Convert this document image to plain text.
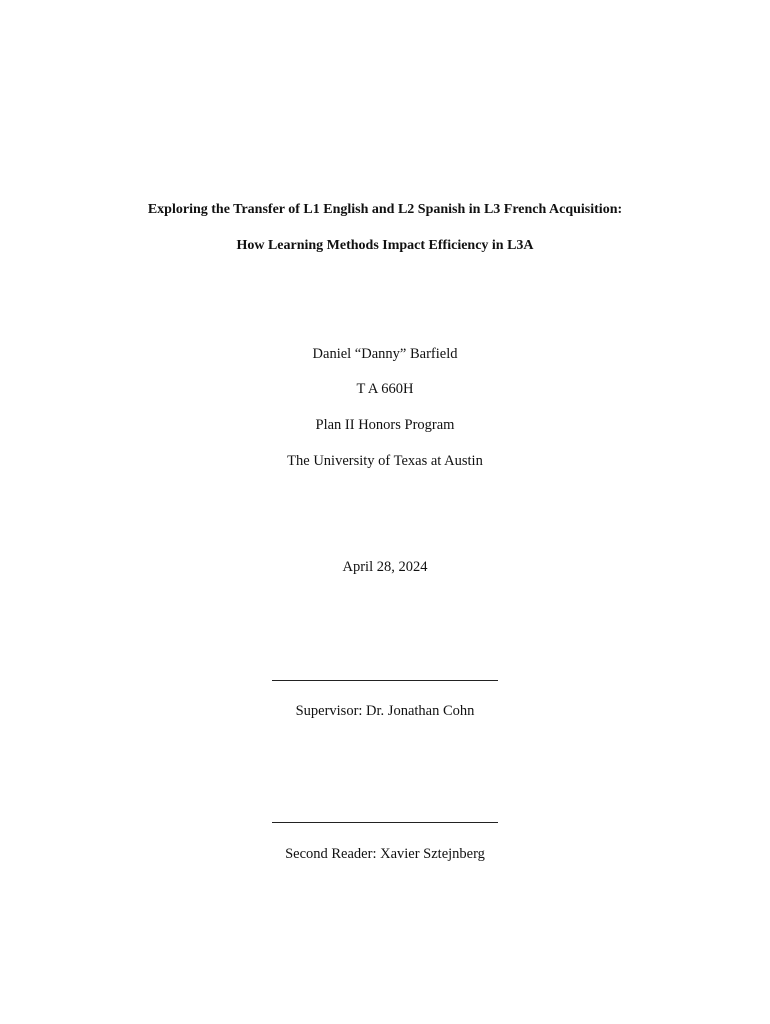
Exploring the Transfer of L1 English and L2 Spanish in L3 French Acquisition:
How Learning Methods Impact Efficiency in L3A
Daniel “Danny” Barfield
T A 660H
Plan II Honors Program
The University of Texas at Austin
April 28, 2024
Supervisor: Dr. Jonathan Cohn
Second Reader: Xavier Sztejnberg
